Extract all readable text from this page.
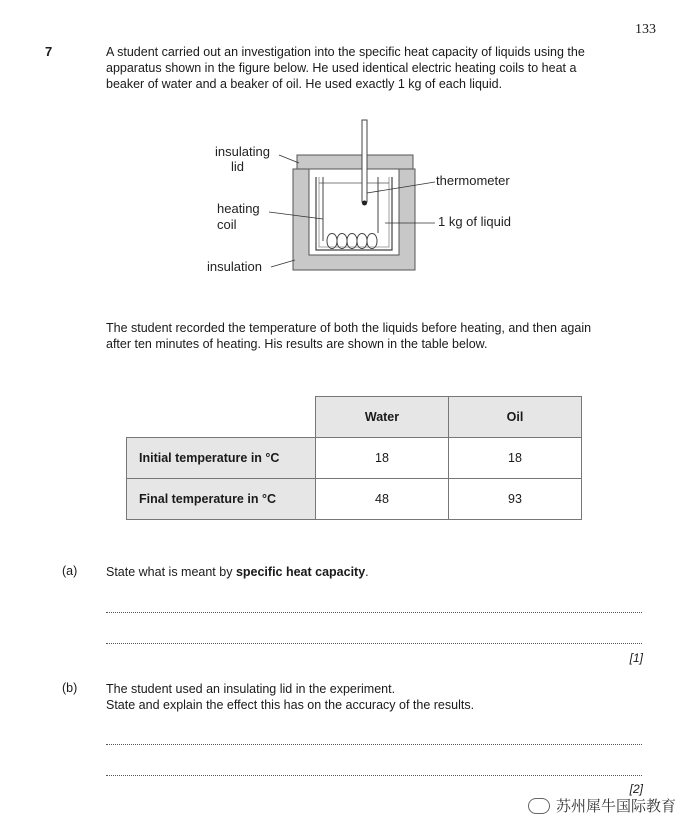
133
7	A student carried out an investigation into the specific heat capacity of liquids using the
apparatus shown in the figure below. He used identical electric heating coils to heat a
beaker of water and a beaker of oil. He used exactly 1 kg of each liquid.

insulating
lid
heating
coil
insulation
thermometer
1 kg of liquid

The student recorded the temperature of both the liquids before heating, and then again
after ten minutes of heating. His results are shown in the table below.

	Water	Oil
Initial temperature in °C	18	18
Final temperature in °C	48	93
(a) State what is meant by specific heat capacity.

[1]
(b) The student used an insulating lid in the experiment.
State and explain the effect this has on the accuracy of the results.

[2]
苏州犀牛国际教育
